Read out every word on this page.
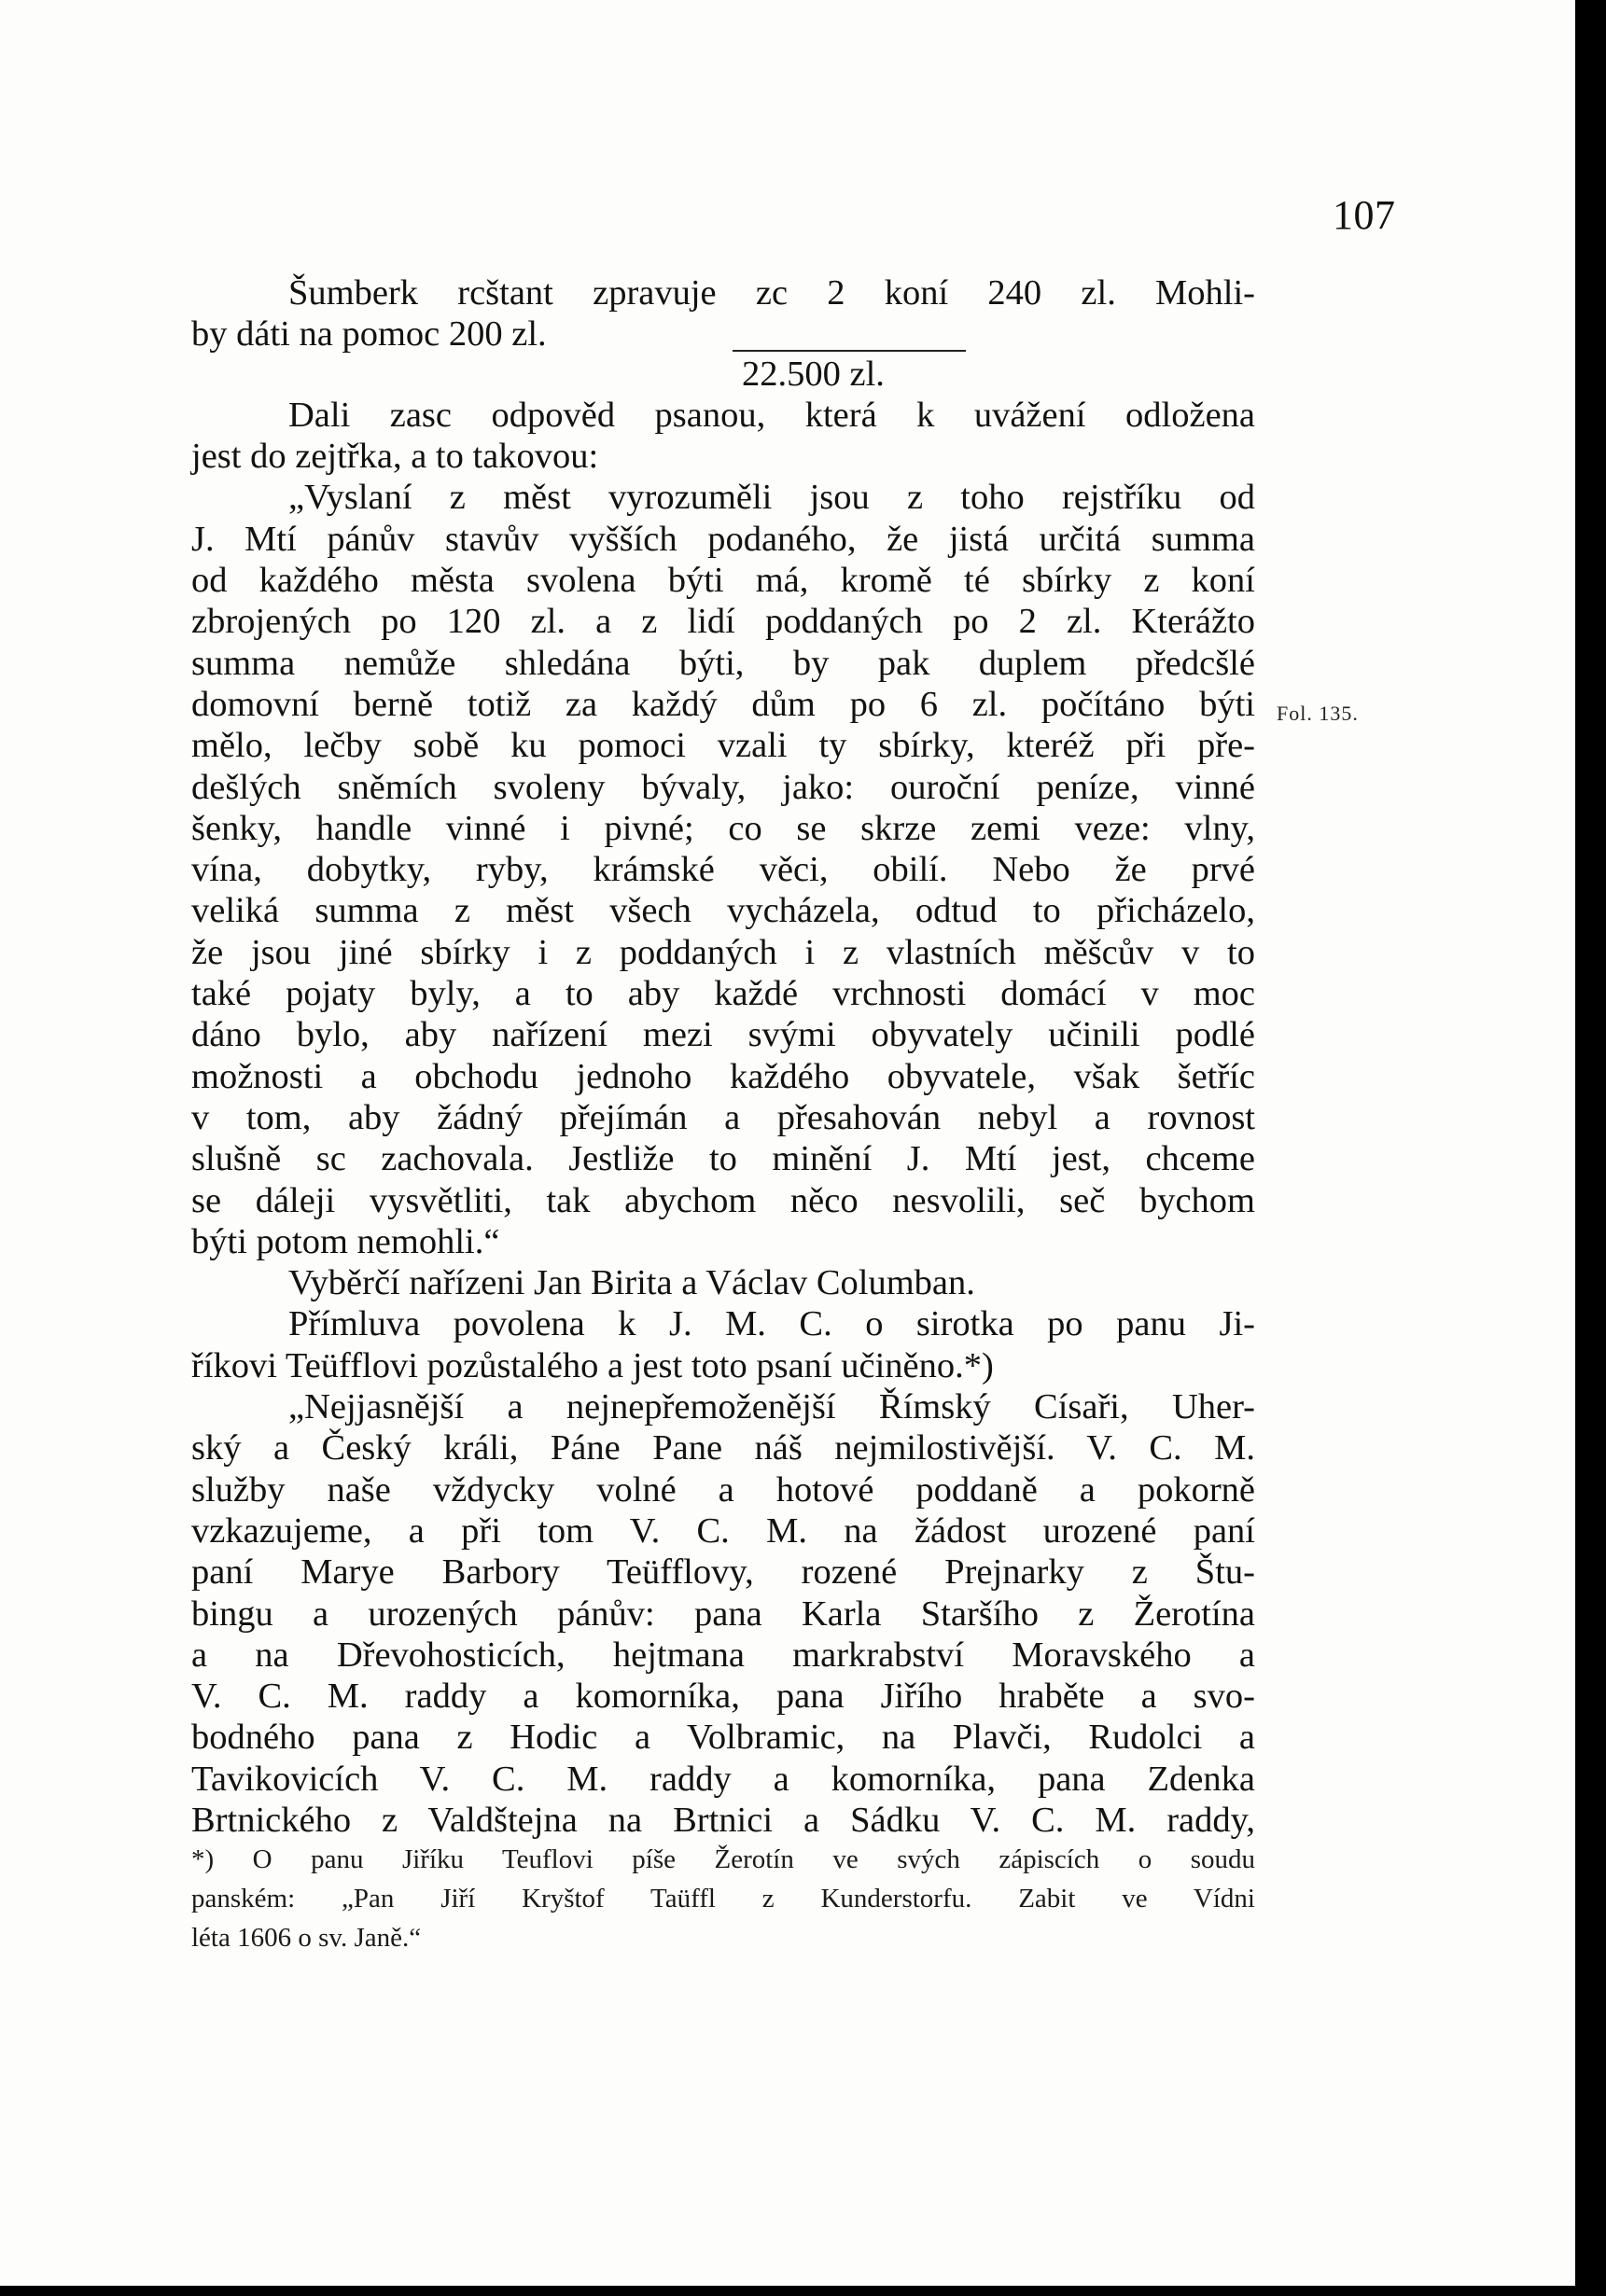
107
Fol. 135.
Šumberk rcštant zpravuje zc 2 koní 240 zl. Mohli-
by dáti na pomoc 200 zl.
22.500 zl.
Dali zasc odpověd psanou, která k uvážení odložena
jest do zejtřka, a to takovou:
„Vyslaní z měst vyrozuměli jsou z toho rejstříku od
J. Mtí pánův stavův vyšších podaného, že jistá určitá summa
od každého města svolena býti má, kromě té sbírky z koní
zbrojených po 120 zl. a z lidí poddaných po 2 zl. Kterážto
summa nemůže shledána býti, by pak duplem předcšlé
domovní berně totiž za každý dům po 6 zl. počítáno býti
mělo, lečby sobě ku pomoci vzali ty sbírky, kteréž při pře-
dešlých sněmích svoleny bývaly, jako: ouroční peníze, vinné
šenky, handle vinné i pivné; co se skrze zemi veze: vlny,
vína, dobytky, ryby, krámské věci, obilí. Nebo že prvé
veliká summa z měst všech vycházela, odtud to přicházelo,
že jsou jiné sbírky i z poddaných i z vlastních měšcův v to
také pojaty byly, a to aby každé vrchnosti domácí v moc
dáno bylo, aby nařízení mezi svými obyvately učinili podlé
možnosti a obchodu jednoho každého obyvatele, však šetříc
v tom, aby žádný přejímán a přesahován nebyl a rovnost
slušně sc zachovala. Jestliže to minění J. Mtí jest, chceme
se dáleji vysvětliti, tak abychom něco nesvolili, seč bychom
býti potom nemohli.“
Vyběrčí nařízeni Jan Birita a Václav Columban.
Přímluva povolena k J. M. C. o sirotka po panu Ji-
říkovi Teüfflovi pozůstalého a jest toto psaní učiněno.*)
„Nejjasnější a nejnepřemoženější Římský Císaři, Uher-
ský a Český králi, Páne Pane náš nejmilostivější. V. C. M.
služby naše vždycky volné a hotové poddaně a pokorně
vzkazujeme, a při tom V. C. M. na žádost urozené paní
paní Marye Barbory Teüfflovy, rozené Prejnarky z Štu-
bingu a urozených pánův: pana Karla Staršího z Žerotína
a na Dřevohosticích, hejtmana markrabství Moravského a
V. C. M. raddy a komorníka, pana Jiřího hraběte a svo-
bodného pana z Hodic a Volbramic, na Plavči, Rudolci a
Tavikovicích V. C. M. raddy a komorníka, pana Zdenka
Brtnického z Valdštejna na Brtnici a Sádku V. C. M. raddy,
*) O panu Jiříku Teuflovi píše Žerotín ve svých zápiscích o soudu
panském: „Pan Jiří Kryštof Taüffl z Kunderstorfu. Zabit ve Vídni
léta 1606 o sv. Janě.“
